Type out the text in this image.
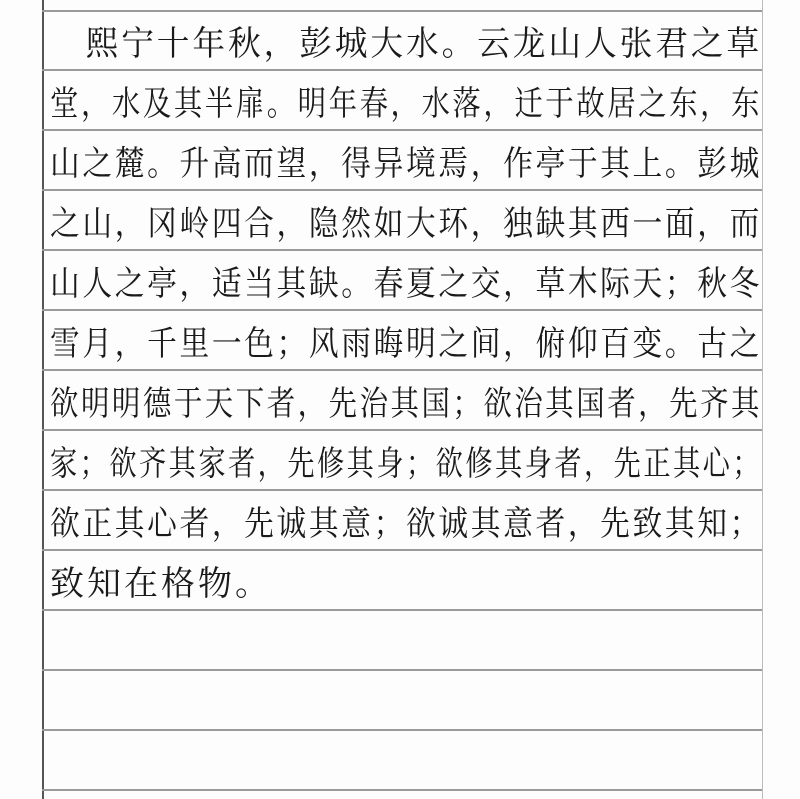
　熙宁十年秋，彭城大水。云龙山人张君之草
堂，水及其半扉。明年春，水落，迁于故居之东，东
山之麓。升高而望，得异境焉，作亭于其上。彭城
之山，冈岭四合，隐然如大环，独缺其西一面，而
山人之亭，适当其缺。春夏之交，草木际天；秋冬
雪月，千里一色；风雨晦明之间，俯仰百变。古之
欲明明德于天下者，先治其国；欲治其国者，先齐其
家；欲齐其家者，先修其身；欲修其身者，先正其心；
欲正其心者，先诚其意；欲诚其意者，先致其知；
致知在格物。
